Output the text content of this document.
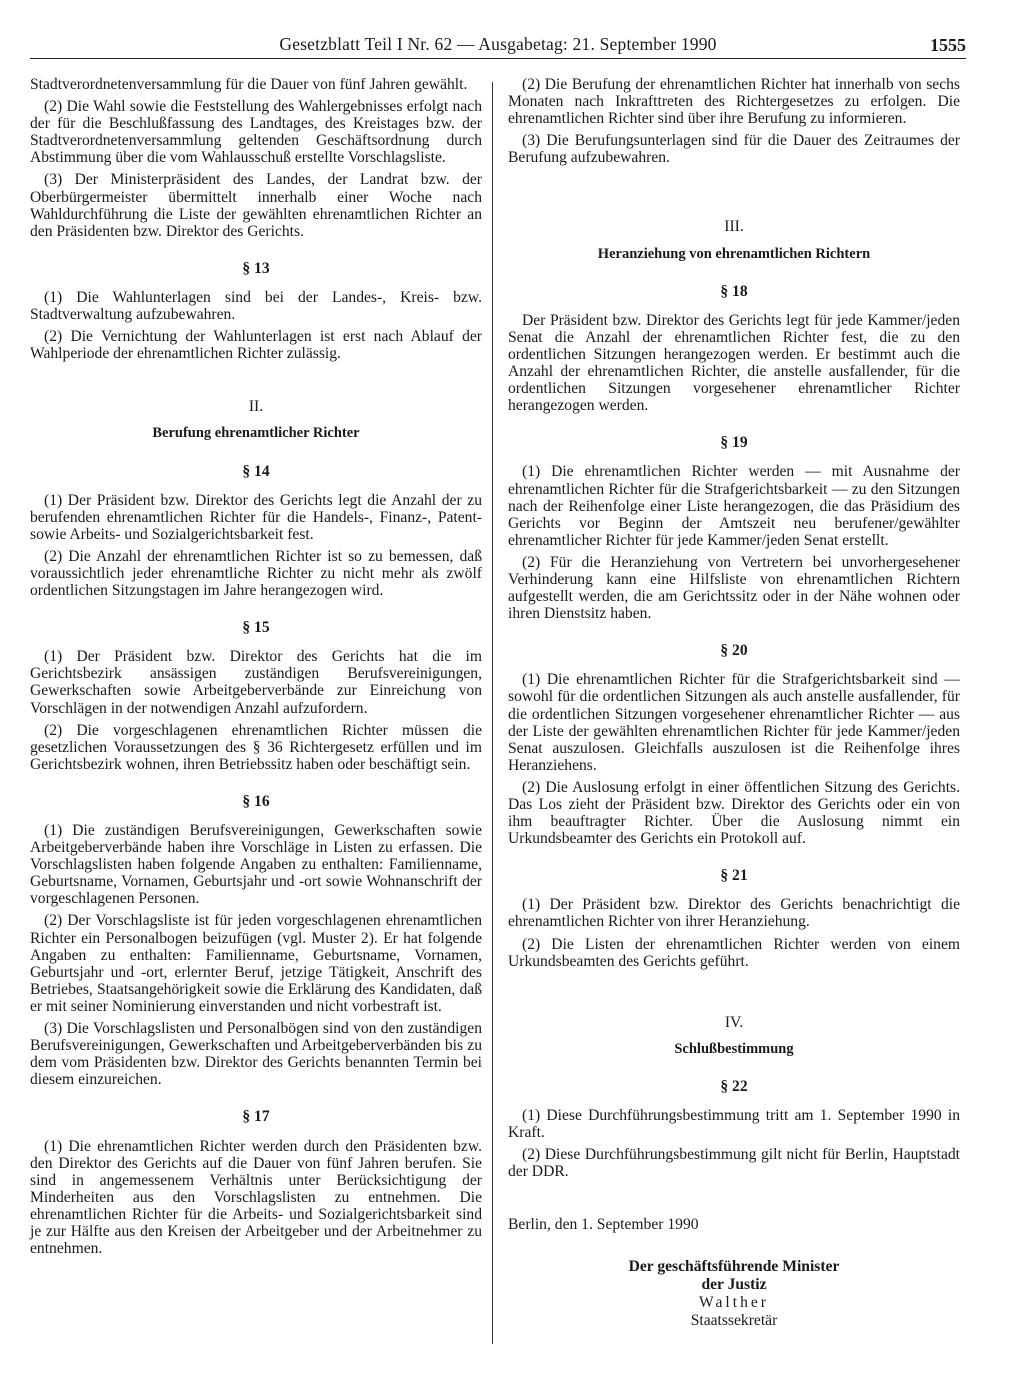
Gesetzblatt Teil I Nr. 62 — Ausgabetag: 21. September 1990	1555

Stadtverordnetenversammlung für die Dauer von fünf Jahren gewählt.

(2) Die Wahl sowie die Feststellung des Wahlergebnisses erfolgt nach der für die Beschlußfassung des Landtages, des Kreistages bzw. der Stadtverordnetenversammlung geltenden Geschäftsordnung durch Abstimmung über die vom Wahlausschuß erstellte Vorschlagsliste.

(3) Der Ministerpräsident des Landes, der Landrat bzw. der Oberbürgermeister übermittelt innerhalb einer Woche nach Wahldurchführung die Liste der gewählten ehrenamtlichen Richter an den Präsidenten bzw. Direktor des Gerichts.

§ 13

(1) Die Wahlunterlagen sind bei der Landes-, Kreis- bzw. Stadtverwaltung aufzubewahren.

(2) Die Vernichtung der Wahlunterlagen ist erst nach Ablauf der Wahlperiode der ehrenamtlichen Richter zulässig.

II.
Berufung ehrenamtlicher Richter
§ 14

(1) Der Präsident bzw. Direktor des Gerichts legt die Anzahl der zu berufenden ehrenamtlichen Richter für die Handels-, Finanz-, Patent- sowie Arbeits- und Sozialgerichtsbarkeit fest.

(2) Die Anzahl der ehrenamtlichen Richter ist so zu bemessen, daß voraussichtlich jeder ehrenamtliche Richter zu nicht mehr als zwölf ordentlichen Sitzungstagen im Jahre herangezogen wird.

§ 15

(1) Der Präsident bzw. Direktor des Gerichts hat die im Gerichtsbezirk ansässigen zuständigen Berufsvereinigungen, Gewerkschaften sowie Arbeitgeberverbände zur Einreichung von Vorschlägen in der notwendigen Anzahl aufzufordern.

(2) Die vorgeschlagenen ehrenamtlichen Richter müssen die gesetzlichen Voraussetzungen des § 36 Richtergesetz erfüllen und im Gerichtsbezirk wohnen, ihren Betriebssitz haben oder beschäftigt sein.

§ 16

(1) Die zuständigen Berufsvereinigungen, Gewerkschaften sowie Arbeitgeberverbände haben ihre Vorschläge in Listen zu erfassen. Die Vorschlagslisten haben folgende Angaben zu enthalten: Familienname, Geburtsname, Vornamen, Geburtsjahr und -ort sowie Wohnanschrift der vorgeschlagenen Personen.

(2) Der Vorschlagsliste ist für jeden vorgeschlagenen ehrenamtlichen Richter ein Personalbogen beizufügen (vgl. Muster 2). Er hat folgende Angaben zu enthalten: Familienname, Geburtsname, Vornamen, Geburtsjahr und -ort, erlernter Beruf, jetzige Tätigkeit, Anschrift des Betriebes, Staatsangehörigkeit sowie die Erklärung des Kandidaten, daß er mit seiner Nominierung einverstanden und nicht vorbestraft ist.

(3) Die Vorschlagslisten und Personalbögen sind von den zuständigen Berufsvereinigungen, Gewerkschaften und Arbeitgeberverbänden bis zu dem vom Präsidenten bzw. Direktor des Gerichts benannten Termin bei diesem einzureichen.

§ 17

(1) Die ehrenamtlichen Richter werden durch den Präsidenten bzw. den Direktor des Gerichts auf die Dauer von fünf Jahren berufen. Sie sind in angemessenem Verhältnis unter Berücksichtigung der Minderheiten aus den Vorschlagslisten zu entnehmen. Die ehrenamtlichen Richter für die Arbeits- und Sozialgerichtsbarkeit sind je zur Hälfte aus den Kreisen der Arbeitgeber und der Arbeitnehmer zu entnehmen.

(2) Die Berufung der ehrenamtlichen Richter hat innerhalb von sechs Monaten nach Inkrafttreten des Richtergesetzes zu erfolgen. Die ehrenamtlichen Richter sind über ihre Berufung zu informieren.

(3) Die Berufungsunterlagen sind für die Dauer des Zeitraumes der Berufung aufzubewahren.

III.
Heranziehung von ehrenamtlichen Richtern
§ 18

Der Präsident bzw. Direktor des Gerichts legt für jede Kammer/jeden Senat die Anzahl der ehrenamtlichen Richter fest, die zu den ordentlichen Sitzungen herangezogen werden. Er bestimmt auch die Anzahl der ehrenamtlichen Richter, die anstelle ausfallender, für die ordentlichen Sitzungen vorgesehener ehrenamtlicher Richter herangezogen werden.

§ 19

(1) Die ehrenamtlichen Richter werden — mit Ausnahme der ehrenamtlichen Richter für die Strafgerichtsbarkeit — zu den Sitzungen nach der Reihenfolge einer Liste herangezogen, die das Präsidium des Gerichts vor Beginn der Amtszeit neu berufener/gewählter ehrenamtlicher Richter für jede Kammer/jeden Senat erstellt.

(2) Für die Heranziehung von Vertretern bei unvorhergesehener Verhinderung kann eine Hilfsliste von ehrenamtlichen Richtern aufgestellt werden, die am Gerichtssitz oder in der Nähe wohnen oder ihren Dienstsitz haben.

§ 20

(1) Die ehrenamtlichen Richter für die Strafgerichtsbarkeit sind — sowohl für die ordentlichen Sitzungen als auch anstelle ausfallender, für die ordentlichen Sitzungen vorgesehener ehrenamtlicher Richter — aus der Liste der gewählten ehrenamtlichen Richter für jede Kammer/jeden Senat auszulosen. Gleichfalls auszulosen ist die Reihenfolge ihres Heranziehens.

(2) Die Auslosung erfolgt in einer öffentlichen Sitzung des Gerichts. Das Los zieht der Präsident bzw. Direktor des Gerichts oder ein von ihm beauftragter Richter. Über die Auslosung nimmt ein Urkundsbeamter des Gerichts ein Protokoll auf.

§ 21

(1) Der Präsident bzw. Direktor des Gerichts benachrichtigt die ehrenamtlichen Richter von ihrer Heranziehung.

(2) Die Listen der ehrenamtlichen Richter werden von einem Urkundsbeamten des Gerichts geführt.

IV.
Schlußbestimmung
§ 22

(1) Diese Durchführungsbestimmung tritt am 1. September 1990 in Kraft.

(2) Diese Durchführungsbestimmung gilt nicht für Berlin, Hauptstadt der DDR.

Berlin, den 1. September 1990

Der geschäftsführende Minister
der Justiz
Walther
Staatssekretär
